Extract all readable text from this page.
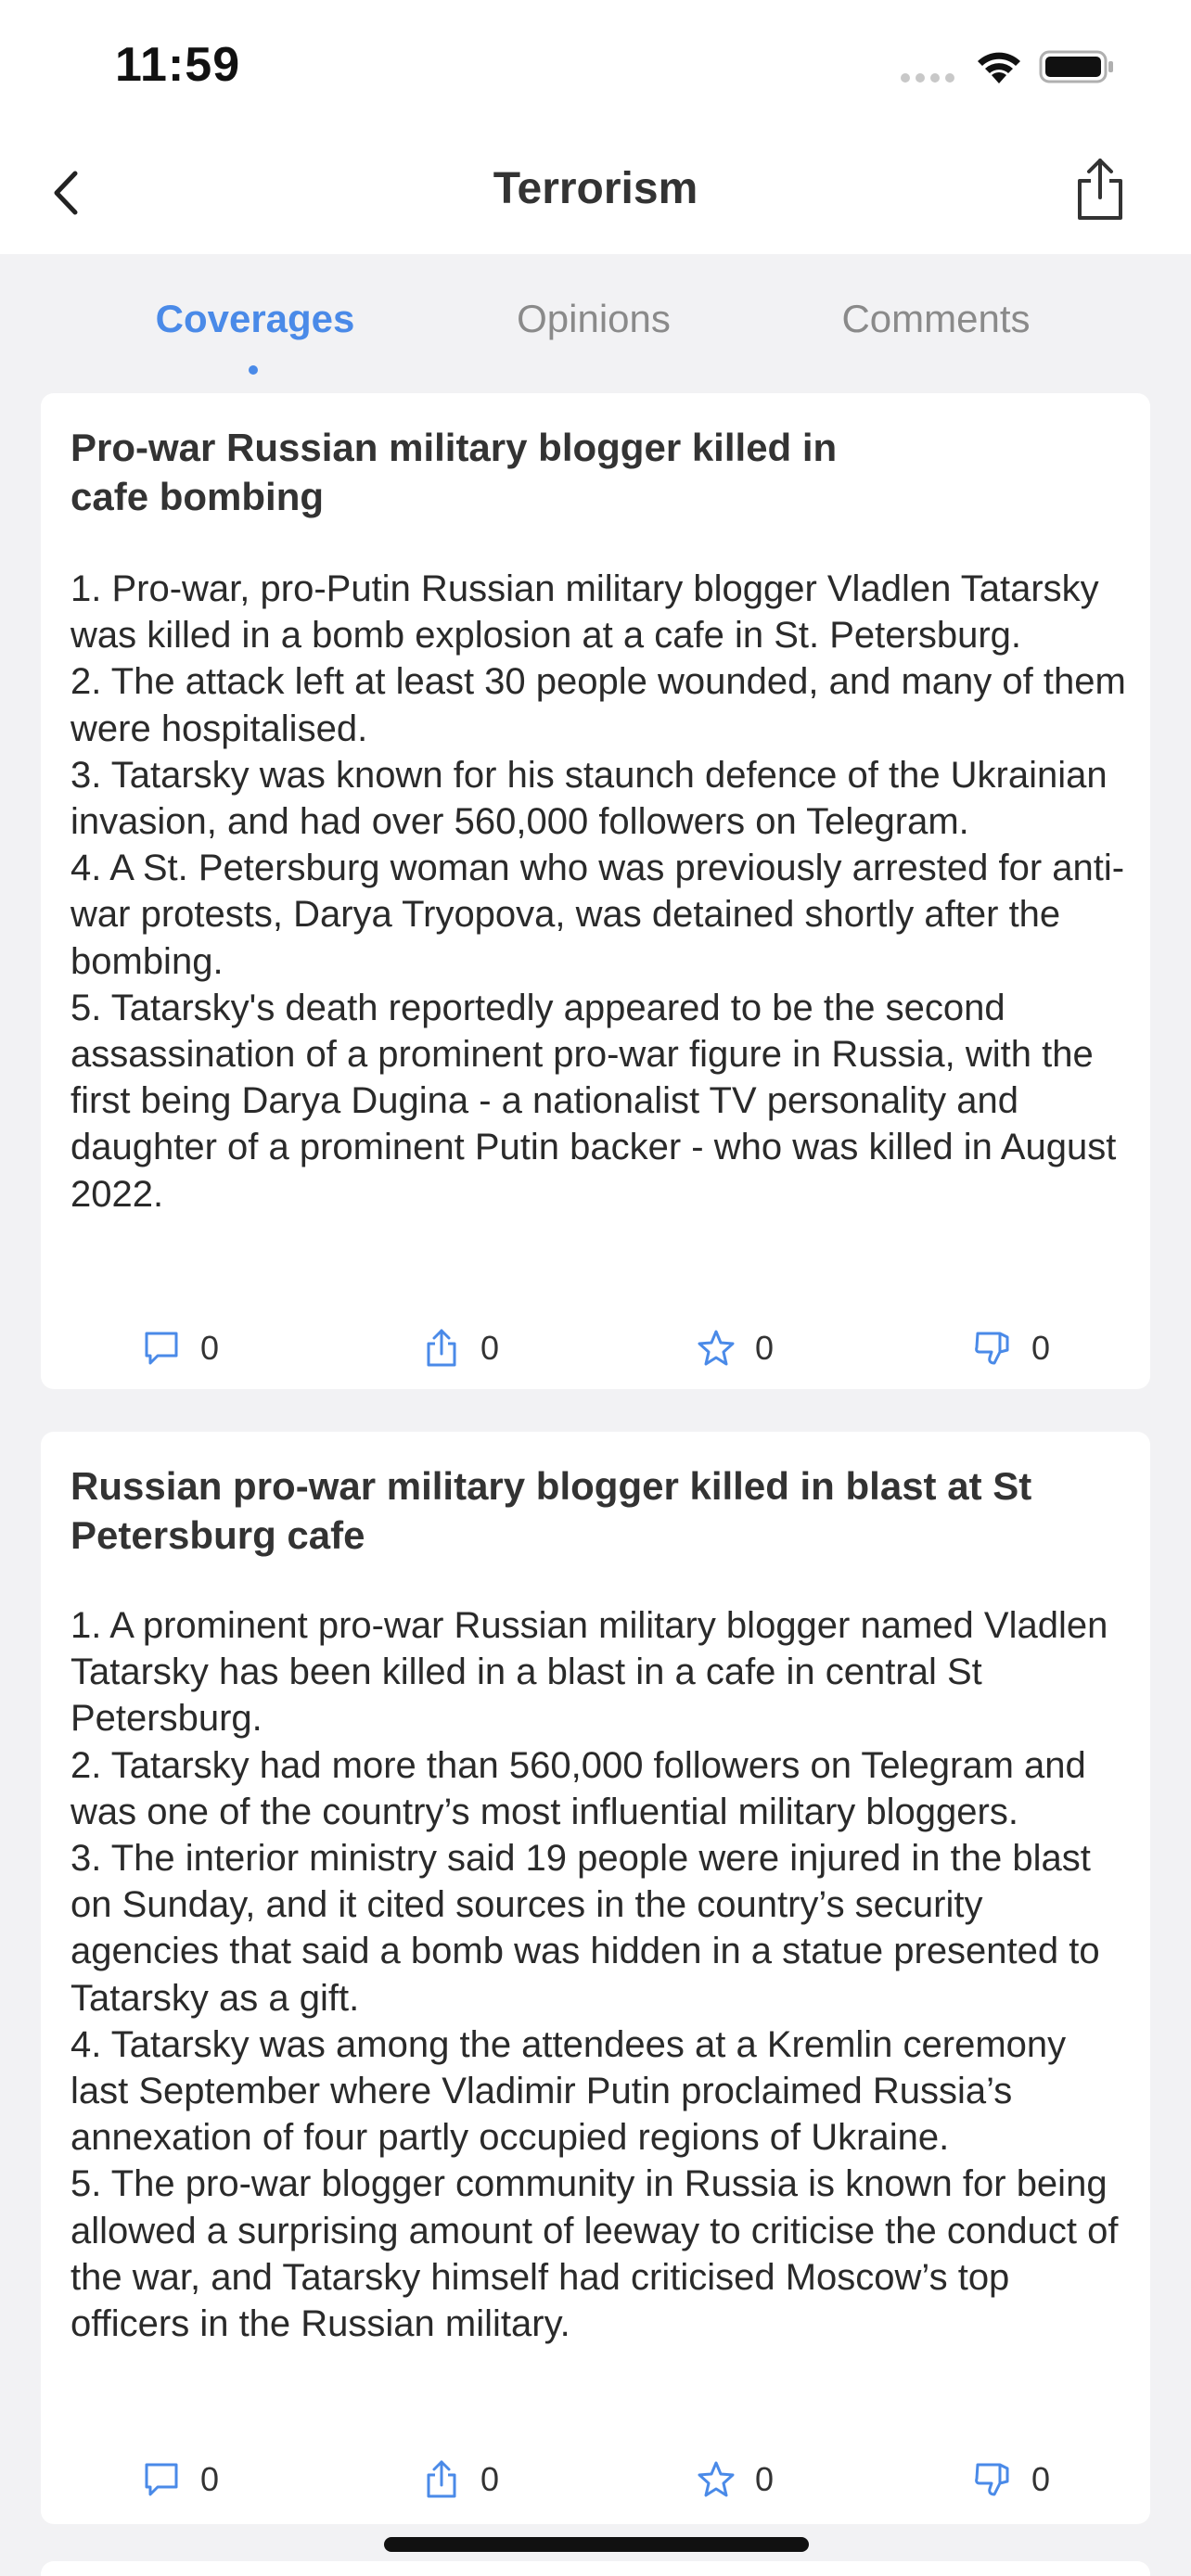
11:59
Terrorism
Coverages	Opinions	Comments
Pro-war Russian military blogger killed in cafe bombing

1. Pro-war, pro-Putin Russian military blogger Vladlen Tatarsky was killed in a bomb explosion at a cafe in St. Petersburg.

2. The attack left at least 30 people wounded, and many of them were hospitalised.

3. Tatarsky was known for his staunch defence of the Ukrainian invasion, and had over 560,000 followers on Telegram.

4. A St. Petersburg woman who was previously arrested for anti-war protests, Darya Tryopova, was detained shortly after the bombing.

5. Tatarsky's death reportedly appeared to be the second assassination of a prominent pro-war figure in Russia, with the first being Darya Dugina - a nationalist TV personality and daughter of a prominent Putin backer - who was killed in August 2022.

0	0	0	0
Russian pro-war military blogger killed in blast at St Petersburg cafe

1. A prominent pro-war Russian military blogger named Vladlen Tatarsky has been killed in a blast in a cafe in central St Petersburg.

2. Tatarsky had more than 560,000 followers on Telegram and was one of the country’s most influential military bloggers.

3. The interior ministry said 19 people were injured in the blast on Sunday, and it cited sources in the country’s security agencies that said a bomb was hidden in a statue presented to Tatarsky as a gift.

4. Tatarsky was among the attendees at a Kremlin ceremony last September where Vladimir Putin proclaimed Russia’s annexation of four partly occupied regions of Ukraine.

5. The pro-war blogger community in Russia is known for being allowed a surprising amount of leeway to criticise the conduct of the war, and Tatarsky himself had criticised Moscow’s top officers in the Russian military.

0	0	0	0
